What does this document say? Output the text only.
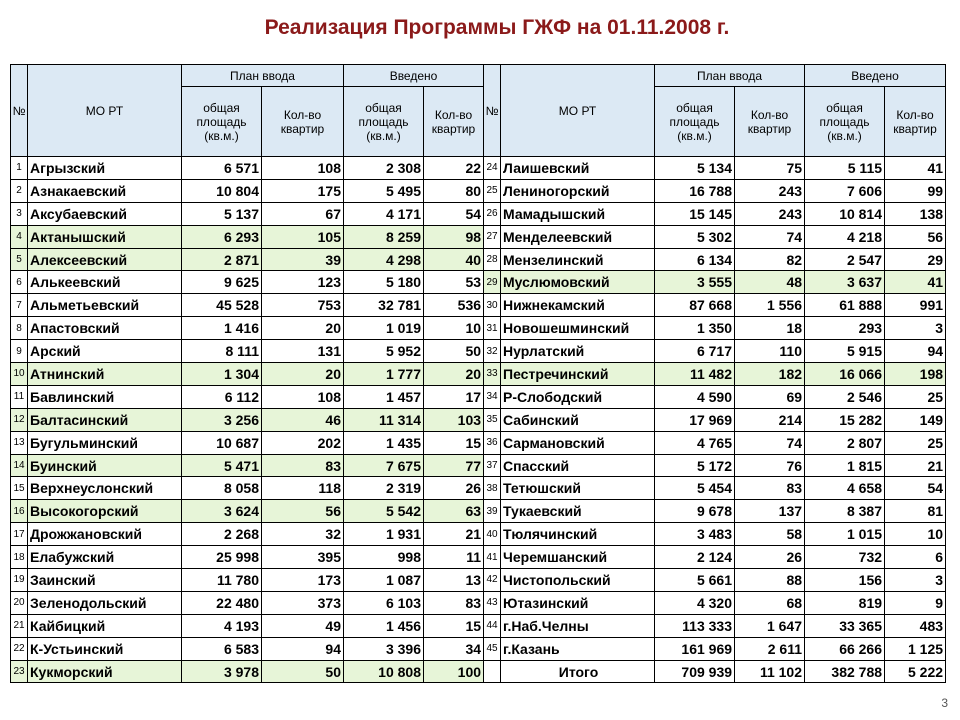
Реализация Программы ГЖФ на 01.11.2008 г.
№	МО РТ	План ввода		Введено		№	МО РТ	План ввода		Введено	
		общая площадь (кв.м.)	Кол-во квартир	общая площадь (кв.м.)	Кол-во квартир			общая площадь (кв.м.)	Кол-во квартир	общая площадь (кв.м.)	Кол-во квартир
1	Агрызский	6 571	108	2 308	22	24	Лаишевский	5 134	75	5 115	41
2	Азнакаевский	10 804	175	5 495	80	25	Лениногорский	16 788	243	7 606	99
3	Аксубаевский	5 137	67	4 171	54	26	Мамадышский	15 145	243	10 814	138
4	Актанышский	6 293	105	8 259	98	27	Менделеевский	5 302	74	4 218	56
5	Алексеевский	2 871	39	4 298	40	28	Мензелинский	6 134	82	2 547	29
6	Алькеевский	9 625	123	5 180	53	29	Муслюмовский	3 555	48	3 637	41
7	Альметьевский	45 528	753	32 781	536	30	Нижнекамский	87 668	1 556	61 888	991
8	Апастовский	1 416	20	1 019	10	31	Новошешминский	1 350	18	293	3
9	Арский	8 111	131	5 952	50	32	Нурлатский	6 717	110	5 915	94
10	Атнинский	1 304	20	1 777	20	33	Пестречинский	11 482	182	16 066	198
11	Бавлинский	6 112	108	1 457	17	34	Р-Слободский	4 590	69	2 546	25
12	Балтасинский	3 256	46	11 314	103	35	Сабинский	17 969	214	15 282	149
13	Бугульминский	10 687	202	1 435	15	36	Сармановский	4 765	74	2 807	25
14	Буинский	5 471	83	7 675	77	37	Спасский	5 172	76	1 815	21
15	Верхнеуслонский	8 058	118	2 319	26	38	Тетюшский	5 454	83	4 658	54
16	Высокогорский	3 624	56	5 542	63	39	Тукаевский	9 678	137	8 387	81
17	Дрожжановский	2 268	32	1 931	21	40	Тюлячинский	3 483	58	1 015	10
18	Елабужский	25 998	395	998	11	41	Черемшанский	2 124	26	732	6
19	Заинский	11 780	173	1 087	13	42	Чистопольский	5 661	88	156	3
20	Зеленодольский	22 480	373	6 103	83	43	Ютазинский	4 320	68	819	9
21	Кайбицкий	4 193	49	1 456	15	44	г.Наб.Челны	113 333	1 647	33 365	483
22	К-Устьинский	6 583	94	3 396	34	45	г.Казань	161 969	2 611	66 266	1 125
23	Кукморский	3 978	50	10 808	100		Итого	709 939	11 102	382 788	5 222
3
